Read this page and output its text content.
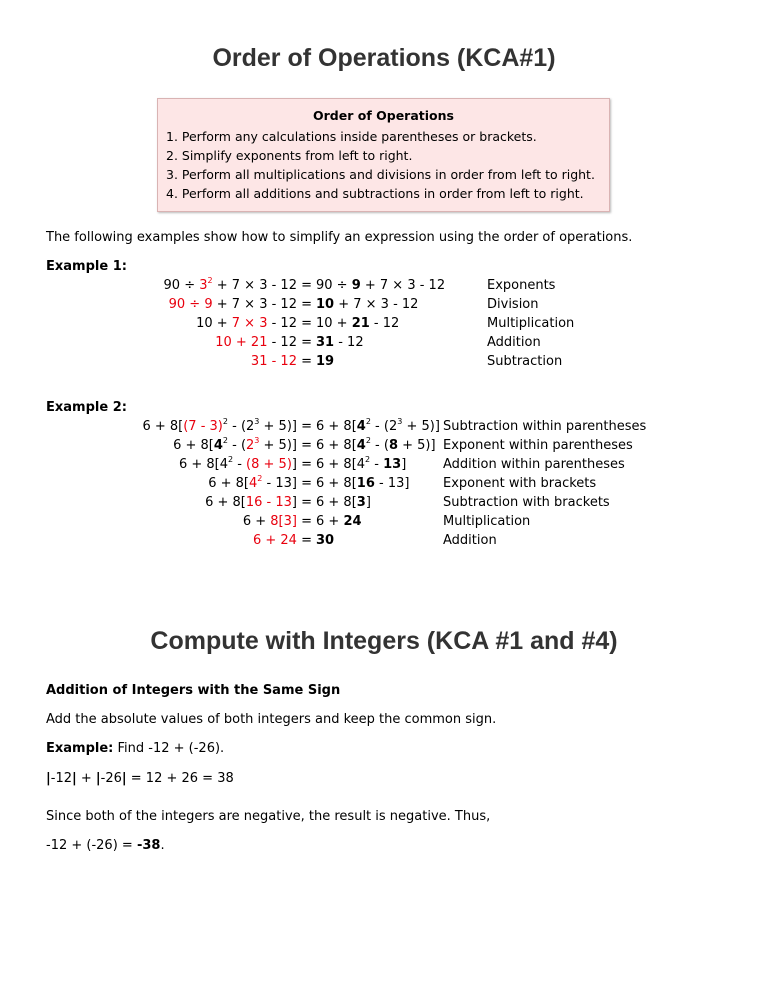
Order of Operations (KCA#1)
Order of Operations
1. Perform any calculations inside parentheses or brackets.
2. Simplify exponents from left to right.
3. Perform all multiplications and divisions in order from left to right.
4. Perform all additions and subtractions in order from left to right.
The following examples show how to simplify an expression using the order of operations.
Example 1:
$90 \div 3^2 + 7 \times 3 - 12$ =
90 ÷ 9 + 7 × 3 - 12 =
10 + 7 × 3 - 12 =
10 + 21 - 12 =
31 - 12 =
90 ÷ 9 + 7 × 3 - 12
10 + 7 × 3 - 12
10 + 21 - 12
31 - 12
19
Exponents
Division
Multiplication
Addition
Subtraction
Example 2:
$6 + 8[(7 - 3)^2 - (2^3 + 5)]$ =
$6 + 8[4^2 - (2^3 + 5)]$ =
$6 + 8[4^2 - (8 + 5)]$ =
$6 + 8[4^2 - 13]$ =
6 + 8[16 - 13] =
6 + 8[3] =
6 + 24 =
$6 + 8[4^2 - (2^3 + 5)]$
$6 + 8[4^2 - (8 + 5)]$
$6 + 8[4^2 - 13]$
6 + 8[16 - 13]
6 + 8[3]
6 + 24
30
Subtraction within parentheses
Exponent within parentheses
Addition within parentheses
Exponent with brackets
Subtraction with brackets
Multiplication
Addition
Compute with Integers (KCA #1 and #4)
Addition of Integers with the Same Sign
Add the absolute values of both integers and keep the common sign.
Example: Find -12 + (-26).
|-12| + |-26| = 12 + 26 = 38
Since both of the integers are negative, the result is negative. Thus,
-12 + (-26) = -38.
